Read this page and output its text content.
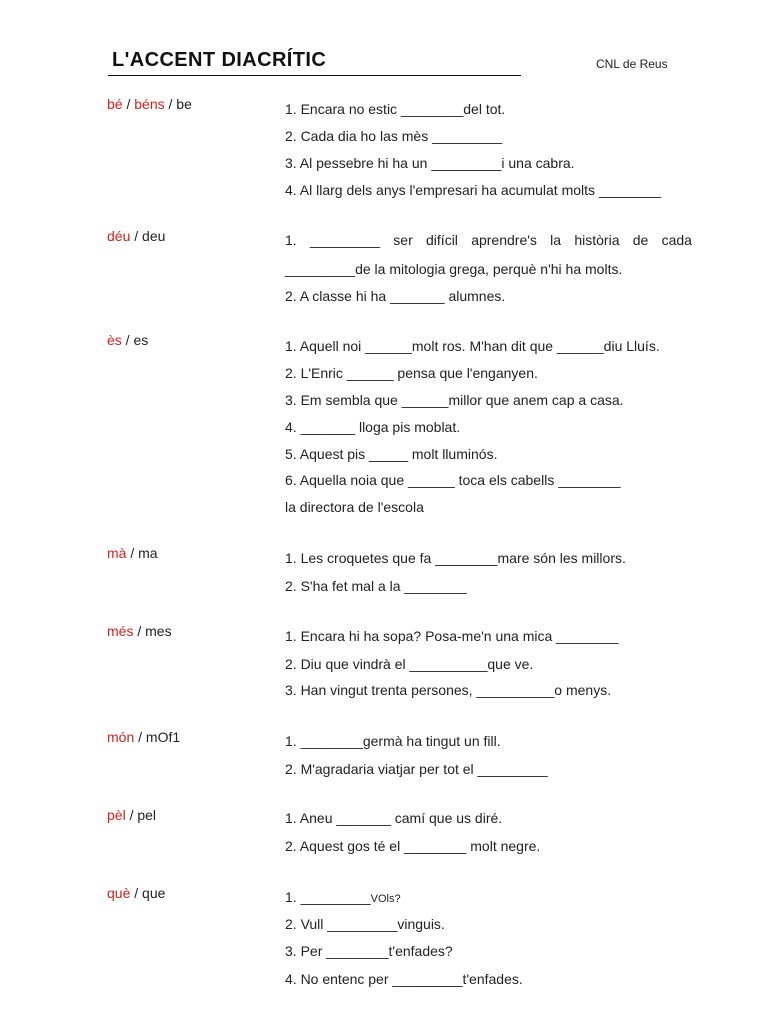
L'ACCENT DIACRÍTIC	CNL de Reus
bé / béns / be	1. Encara no estic ________del tot.
2. Cada dia ho las mès _________
3. Al pessebre hi ha un _________i una cabra.
4. Al llarg dels anys l'empresari ha acumulat molts ________
déu / deu	1. _________ ser difícil aprendre's la història de cada
_________de la mitologia grega, perquè n'hi ha molts.
2. A classe hi ha _______ alumnes.
ès / es	1. Aquell noi ______molt ros. M'han dit que ______diu Lluís.
2. L'Enric ______ pensa que l'enganyen.
3. Em sembla que ______millor que anem cap a casa.
4. _______ lloga pis moblat.
5. Aquest pis _____ molt lluminós.
6. Aquella noia que ______ toca els cabells ________
la directora de l'escola
mà / ma	1. Les croquetes que fa ________mare són les millors.
2. S'ha fet mal a la ________
més / mes	1. Encara hi ha sopa? Posa-me'n una mica ________
2. Diu que vindrà el __________que ve.
3. Han vingut trenta persones, __________o menys.
món / mOf1	1. ________germà ha tingut un fill.
2. M'agradaria viatjar per tot el _________
pèl / pel	1. Aneu _______ camí que us diré.
2. Aquest gos té el ________ molt negre.
què / que	1. _________VOls?
2. Vull _________vinguis.
3. Per ________t'enfades?
4. No entenc per _________t'enfades.
